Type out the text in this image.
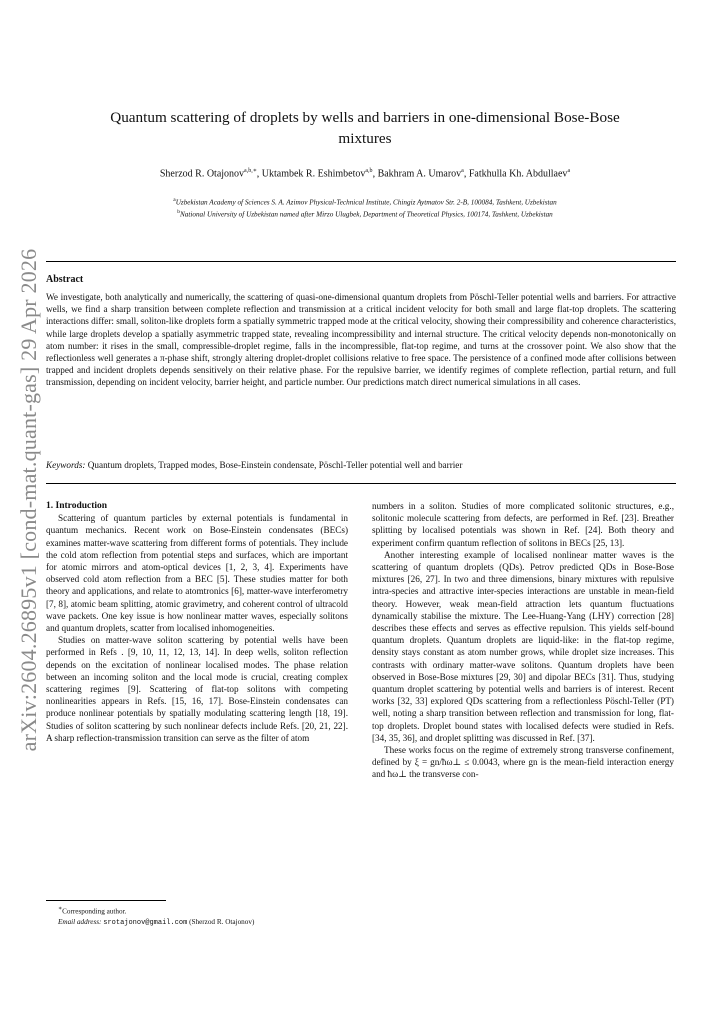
arXiv:2604.26895v1 [cond-mat.quant-gas] 29 Apr 2026
Quantum scattering of droplets by wells and barriers in one-dimensional Bose-Bose
mixtures
Sherzod R. Otajonov$^{a,b,∗}$, Uktambek R. Eshimbetov$^{a,b}$, Bakhram A. Umarov$^a$, Fatkhulla Kh. Abdullaev$^a$
$^a$Uzbekistan Academy of Sciences S. A. Azimov Physical-Technical Institute, Chingiz Aytmatov Str. 2-B, 100084, Tashkent, Uzbekistan
$^b$National University of Uzbekistan named after Mirzo Ulugbek, Department of Theoretical Physics, 100174, Tashkent, Uzbekistan
Abstract
We investigate, both analytically and numerically, the scattering of quasi-one-dimensional quantum droplets from Pöschl-Teller potential wells and barriers. For attractive wells, we find a sharp transition between complete reflection and transmission at a critical incident velocity for both small and large flat-top droplets. The scattering interactions differ: small, soliton-like droplets form a spatially symmetric trapped mode at the critical velocity, showing their compressibility and coherence characteristics, while large droplets develop a spatially asymmetric trapped state, revealing incompressibility and internal structure. The critical velocity depends non-monotonically on atom number: it rises in the small, compressible-droplet regime, falls in the incompressible, flat-top regime, and turns at the crossover point. We also show that the reflectionless well generates a π-phase shift, strongly altering droplet-droplet collisions relative to free space. The persistence of a confined mode after collisions between trapped and incident droplets depends sensitively on their relative phase. For the repulsive barrier, we identify regimes of complete reflection, partial return, and full transmission, depending on incident velocity, barrier height, and particle number. Our predictions match direct numerical simulations in all cases.
Keywords: Quantum droplets, Trapped modes, Bose-Einstein condensate, Pöschl-Teller potential well and barrier

1. Introduction

Scattering of quantum particles by external potentials is fundamental in quantum mechanics. Recent work on Bose-Einstein condensates (BECs) examines matter-wave scattering from different forms of potentials. They include the cold atom reflection from potential steps and surfaces, which are important for atomic mirrors and atom-optical devices [1, 2, 3, 4]. Experiments have observed cold atom reflection from a BEC [5]. These studies matter for both theory and applications, and relate to atomtronics [6], matter-wave interferometry [7, 8], atomic beam splitting, atomic gravimetry, and coherent control of ultracold wave packets. One key issue is how nonlinear matter waves, especially solitons and quantum droplets, scatter from localised inhomogeneities.

Studies on matter-wave soliton scattering by potential wells have been performed in Refs . [9, 10, 11, 12, 13, 14]. In deep wells, soliton reflection depends on the excitation of nonlinear localised modes. The phase relation between an incoming soliton and the local mode is crucial, creating complex scattering regimes [9]. Scattering of flat-top solitons with competing nonlinearities appears in Refs. [15, 16, 17]. Bose-Einstein condensates can produce nonlinear potentials by spatially modulating scattering length [18, 19]. Studies of soliton scattering by such nonlinear defects include Refs. [20, 21, 22]. A sharp reflection-transmission transition can serve as the filter of atom

numbers in a soliton. Studies of more complicated solitonic structures, e.g., solitonic molecule scattering from defects, are performed in Ref. [23]. Breather splitting by localised potentials was shown in Ref. [24]. Both theory and experiment confirm quantum reflection of solitons in BECs [25, 13].

Another interesting example of localised nonlinear matter waves is the scattering of quantum droplets (QDs). Petrov predicted QDs in Bose-Bose mixtures [26, 27]. In two and three dimensions, binary mixtures with repulsive intra-species and attractive inter-species interactions are unstable in mean-field theory. However, weak mean-field attraction lets quantum fluctuations dynamically stabilise the mixture. The Lee-Huang-Yang (LHY) correction [28] describes these effects and serves as effective repulsion. This yields self-bound quantum droplets. Quantum droplets are liquid-like: in the flat-top regime, density stays constant as atom number grows, while droplet size increases. This contrasts with ordinary matter-wave solitons. Quantum droplets have been observed in Bose-Bose mixtures [29, 30] and dipolar BECs [31]. Thus, studying quantum droplet scattering by potential wells and barriers is of interest. Recent works [32, 33] explored QDs scattering from a reflectionless Pöschl-Teller (PT) well, noting a sharp transition between reflection and transmission for long, flat-top droplets. Droplet bound states with localised defects were studied in Refs. [34, 35, 36], and droplet splitting was discussed in Ref. [37].

These works focus on the regime of extremely strong transverse confinement, defined by ξ = gn/ħω⊥ ≤ 0.0043, where gn is the mean-field interaction energy and ħω⊥ the transverse con-

∗Corresponding author.
Email address: srotajonov@gmail.com (Sherzod R. Otajonov)
